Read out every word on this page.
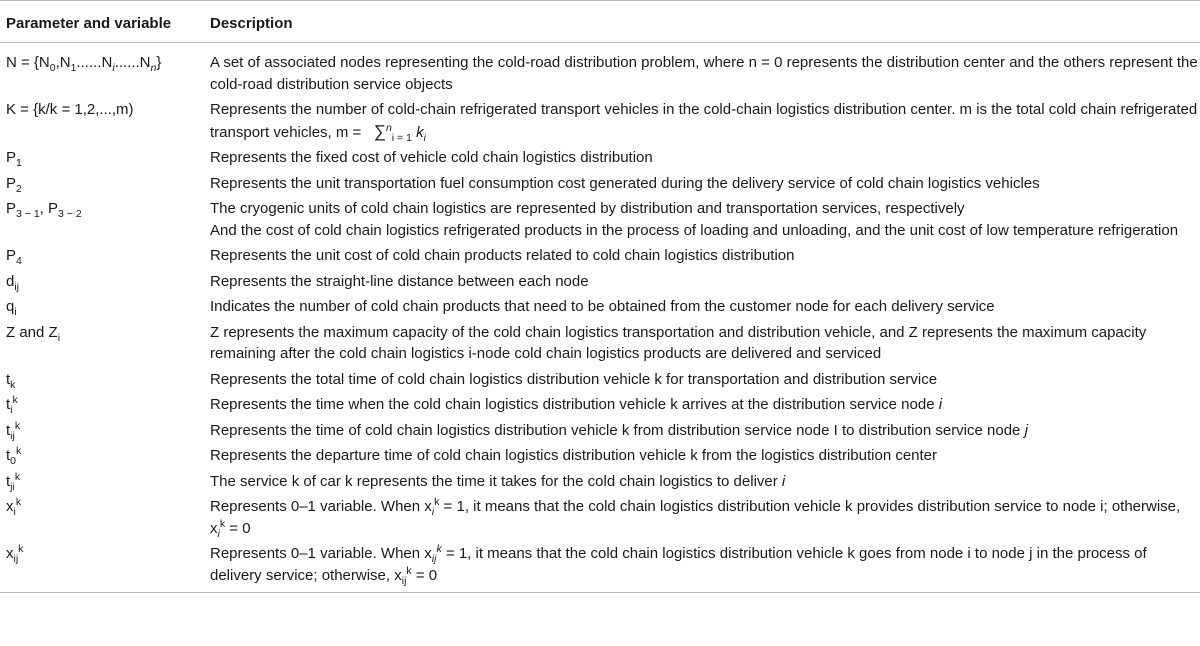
Parameter and variable	Description
$N = \{N_0,N_1......N_i......N_n\}$	A set of associated nodes representing the cold-road distribution problem, where n = 0 represents the distribution center and the others represent the cold-road distribution service objects
K = {k/k = 1,2,...,m)	Represents the number of cold-chain refrigerated transport vehicles in the cold-chain logistics distribution center. m is the total cold chain refrigerated transport vehicles, m = ∑$^n_{i = 1}$ $k_i$
$P_1$	Represents the fixed cost of vehicle cold chain logistics distribution
$P_2$	Represents the unit transportation fuel consumption cost generated during the delivery service of cold chain logistics vehicles
$P_{3 - 1}$, $P_{3 - 2}$	The cryogenic units of cold chain logistics are represented by distribution and transportation services, respectively
And the cost of cold chain logistics refrigerated products in the process of loading and unloading, and the unit cost of low temperature refrigeration

$P_4$	Represents the unit cost of cold chain products related to cold chain logistics distribution
$d_{ij}$	Represents the straight-line distance between each node
$q_i$	Indicates the number of cold chain products that need to be obtained from the customer node for each delivery service
Z and $Z_i$	Z represents the maximum capacity of the cold chain logistics transportation and distribution vehicle, and Z represents the maximum capacity remaining after the cold chain logistics i-node cold chain logistics products are delivered and serviced
$t_k$	Represents the total time of cold chain logistics distribution vehicle k for transportation and distribution service
$t_i^k$	Represents the time when the cold chain logistics distribution vehicle k arrives at the distribution service node i
$t_{ij}^k$	Represents the time of cold chain logistics distribution vehicle k from distribution service node I to distribution service node j
$t_0^k$	Represents the departure time of cold chain logistics distribution vehicle k from the logistics distribution center
$t_{ji}^k$	The service k of car k represents the time it takes for the cold chain logistics to deliver i
$x_i^k$	Represents 0–1 variable. When $x_i^k = 1$, it means that the cold chain logistics distribution vehicle k provides distribution service to node i; otherwise, $x_i^k = 0$
$x_{ij}^k$	Represents 0–1 variable. When $x_{ij}^k = 1$, it means that the cold chain logistics distribution vehicle k goes from node i to node j in the process of delivery service; otherwise, $x_{ij}^k = 0$
